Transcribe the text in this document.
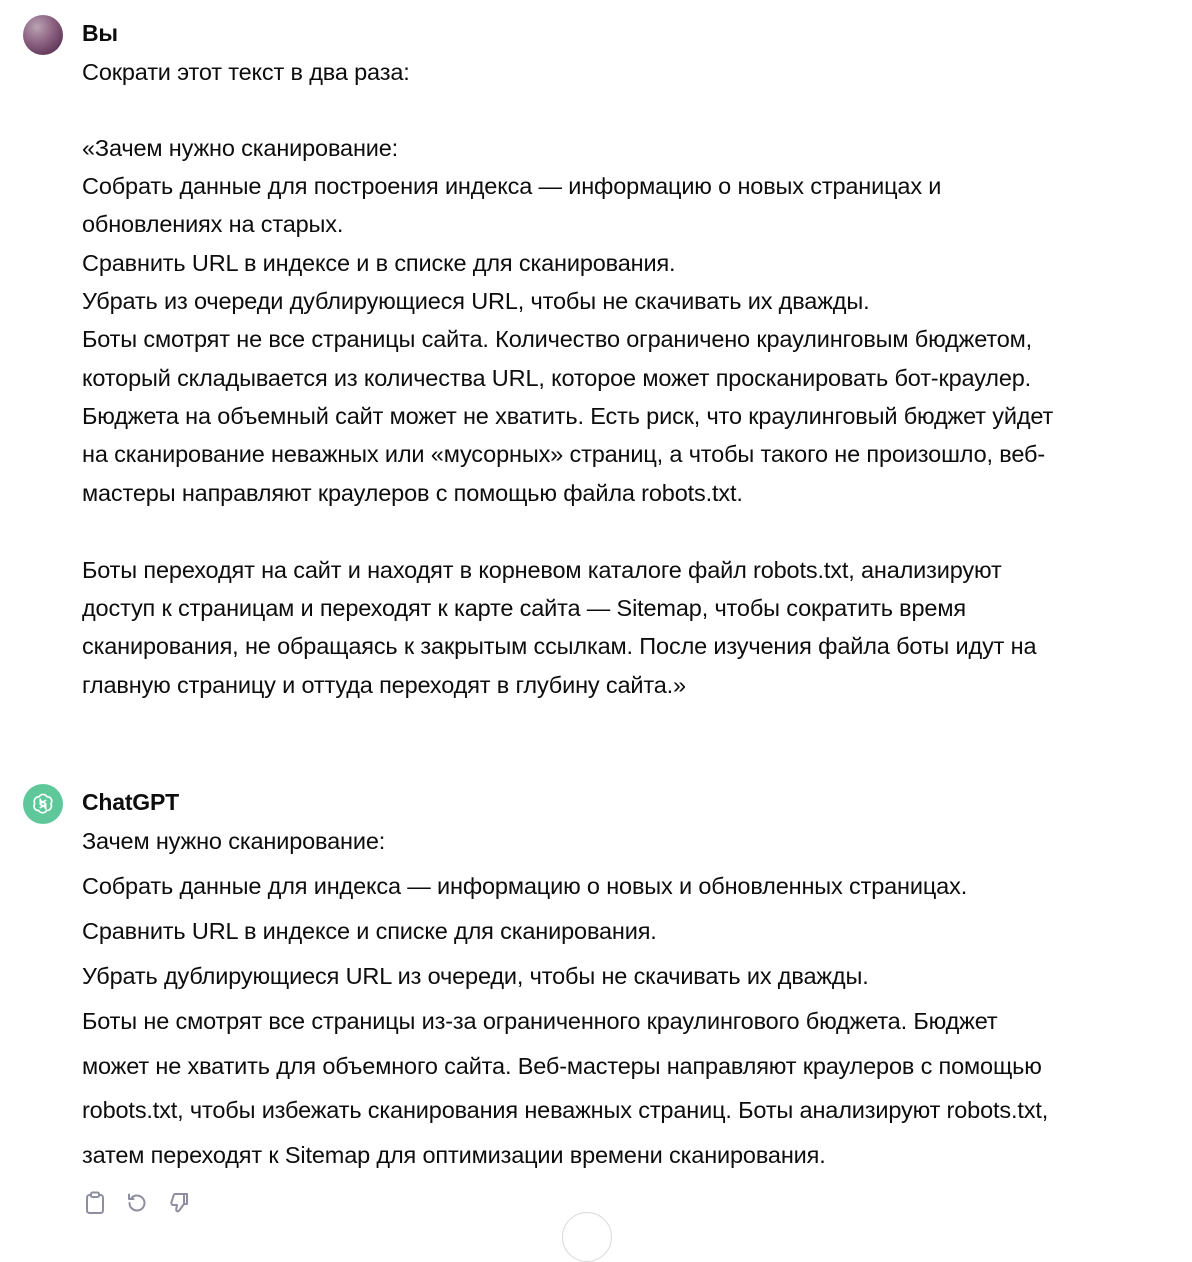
Вы
Сократи этот текст в два раза:
«Зачем нужно сканирование:
Собрать данные для построения индекса — информацию о новых страницах и
обновлениях на старых.
Сравнить URL в индексе и в списке для сканирования.
Убрать из очереди дублирующиеся URL, чтобы не скачивать их дважды.
Боты смотрят не все страницы сайта. Количество ограничено краулинговым бюджетом,
который складывается из количества URL, которое может просканировать бот-краулер.
Бюджета на объемный сайт может не хватить. Есть риск, что краулинговый бюджет уйдет
на сканирование неважных или «мусорных» страниц, а чтобы такого не произошло, веб-
мастеры направляют краулеров с помощью файла robots.txt.
Боты переходят на сайт и находят в корневом каталоге файл robots.txt, анализируют
доступ к страницам и переходят к карте сайта — Sitemap, чтобы сократить время
сканирования, не обращаясь к закрытым ссылкам. После изучения файла боты идут на
главную страницу и оттуда переходят в глубину сайта.»
ChatGPT
Зачем нужно сканирование:
Собрать данные для индекса — информацию о новых и обновленных страницах.
Сравнить URL в индексе и списке для сканирования.
Убрать дублирующиеся URL из очереди, чтобы не скачивать их дважды.
Боты не смотрят все страницы из-за ограниченного краулингового бюджета. Бюджет
может не хватить для объемного сайта. Веб-мастеры направляют краулеров с помощью
robots.txt, чтобы избежать сканирования неважных страниц. Боты анализируют robots.txt,
затем переходят к Sitemap для оптимизации времени сканирования.
